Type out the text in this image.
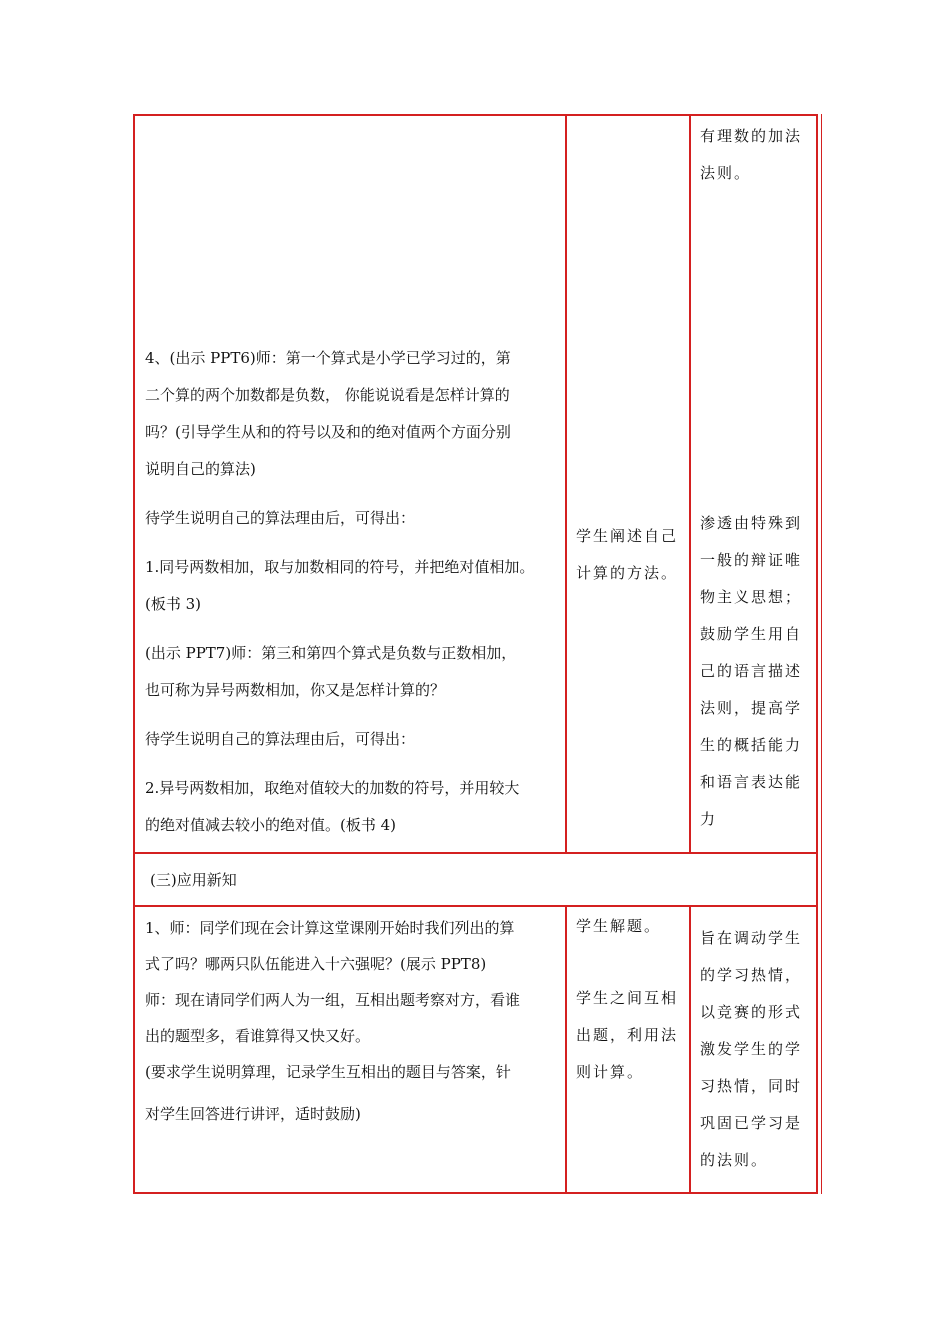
有理数的加法

法则。

4、(出示 PPT6)师：第一个算式是小学已学习过的，第

二个算的两个加数都是负数， 你能说说看是怎样计算的

吗？(引导学生从和的符号以及和的绝对值两个方面分别

说明自己的算法)

待学生说明自己的算法理由后，可得出：

1.同号两数相加，取与加数相同的符号，并把绝对值相加。

(板书 3)

(出示 PPT7)师：第三和第四个算式是负数与正数相加，

也可称为异号两数相加，你又是怎样计算的？

待学生说明自己的算法理由后，可得出：

2.异号两数相加，取绝对值较大的加数的符号，并用较大

的绝对值减去较小的绝对值。(板书 4)

学生阐述自己

计算的方法。

渗透由特殊到

一般的辩证唯

物主义思想；

鼓励学生用自

己的语言描述

法则，提高学

生的概括能力

和语言表达能

力

(三)应用新知

1、师：同学们现在会计算这堂课刚开始时我们列出的算

式了吗？哪两只队伍能进入十六强呢？(展示 PPT8)

师：现在请同学们两人为一组，互相出题考察对方，看谁

出的题型多，看谁算得又快又好。

(要求学生说明算理，记录学生互相出的题目与答案，针

对学生回答进行讲评，适时鼓励)

学生解题。

学生之间互相

出题，利用法

则计算。

旨在调动学生

的学习热情，

以竞赛的形式

激发学生的学

习热情，同时

巩固已学习是

的法则。
